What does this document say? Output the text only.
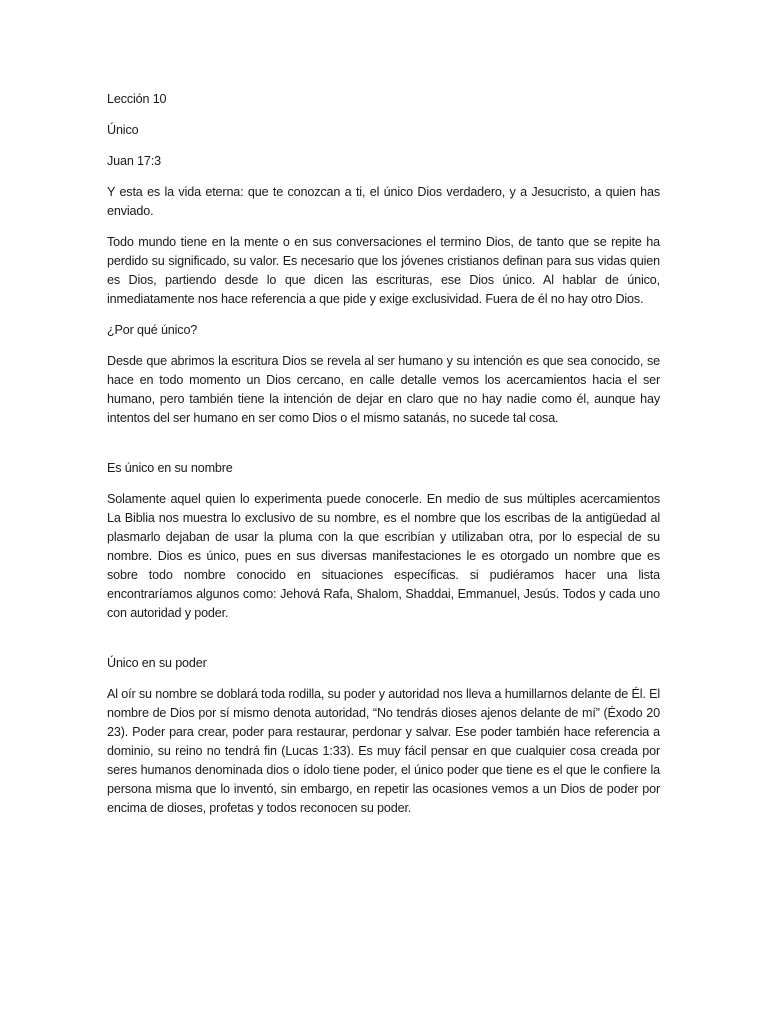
Lección 10

Único

Juan 17:3

Y esta es la vida eterna: que te conozcan a ti, el único Dios verdadero, y a Jesucristo, a quien has enviado.

Todo mundo tiene en la mente o en sus conversaciones el termino Dios, de tanto que se repite ha perdido su significado, su valor. Es necesario que los jóvenes cristianos definan para sus vidas quien es Dios, partiendo desde lo que dicen las escrituras, ese Dios único. Al hablar de único, inmediatamente nos hace referencia a que pide y exige exclusividad. Fuera de él no hay otro Dios.

¿Por qué único?

Desde que abrimos la escritura Dios se revela al ser humano y su intención es que sea conocido, se hace en todo momento un Dios cercano, en calle detalle vemos los acercamientos hacia el ser humano, pero también tiene la intención de dejar en claro que no hay nadie como él, aunque hay intentos del ser humano en ser como Dios o el mismo satanás, no sucede tal cosa.

Es único en su nombre

Solamente aquel quien lo experimenta puede conocerle. En medio de sus múltiples acercamientos La Biblia nos muestra lo exclusivo de su nombre, es el nombre que los escribas de la antigüedad al plasmarlo dejaban de usar la pluma con la que escribían y utilizaban otra, por lo especial de su nombre. Dios es único, pues en sus diversas manifestaciones le es otorgado un nombre que es sobre todo nombre conocido en situaciones específicas. si pudiéramos hacer una lista encontraríamos algunos como: Jehová Rafa, Shalom, Shaddai, Emmanuel, Jesús. Todos y cada uno con autoridad y poder.

Único en su poder

Al oír su nombre se doblará toda rodilla, su poder y autoridad nos lleva a humillarnos delante de Él. El nombre de Dios por sí mismo denota autoridad, “No tendrás dioses ajenos delante de mí” (Éxodo 20 23). Poder para crear, poder para restaurar, perdonar y salvar. Ese poder también hace referencia a dominio, su reino no tendrá fin (Lucas 1:33). Es muy fácil pensar en que cualquier cosa creada por seres humanos denominada dios o ídolo tiene poder, el único poder que tiene es el que le confiere la persona misma que lo inventó, sin embargo, en repetir las ocasiones vemos a un Dios de poder por encima de dioses, profetas y todos reconocen su poder.
